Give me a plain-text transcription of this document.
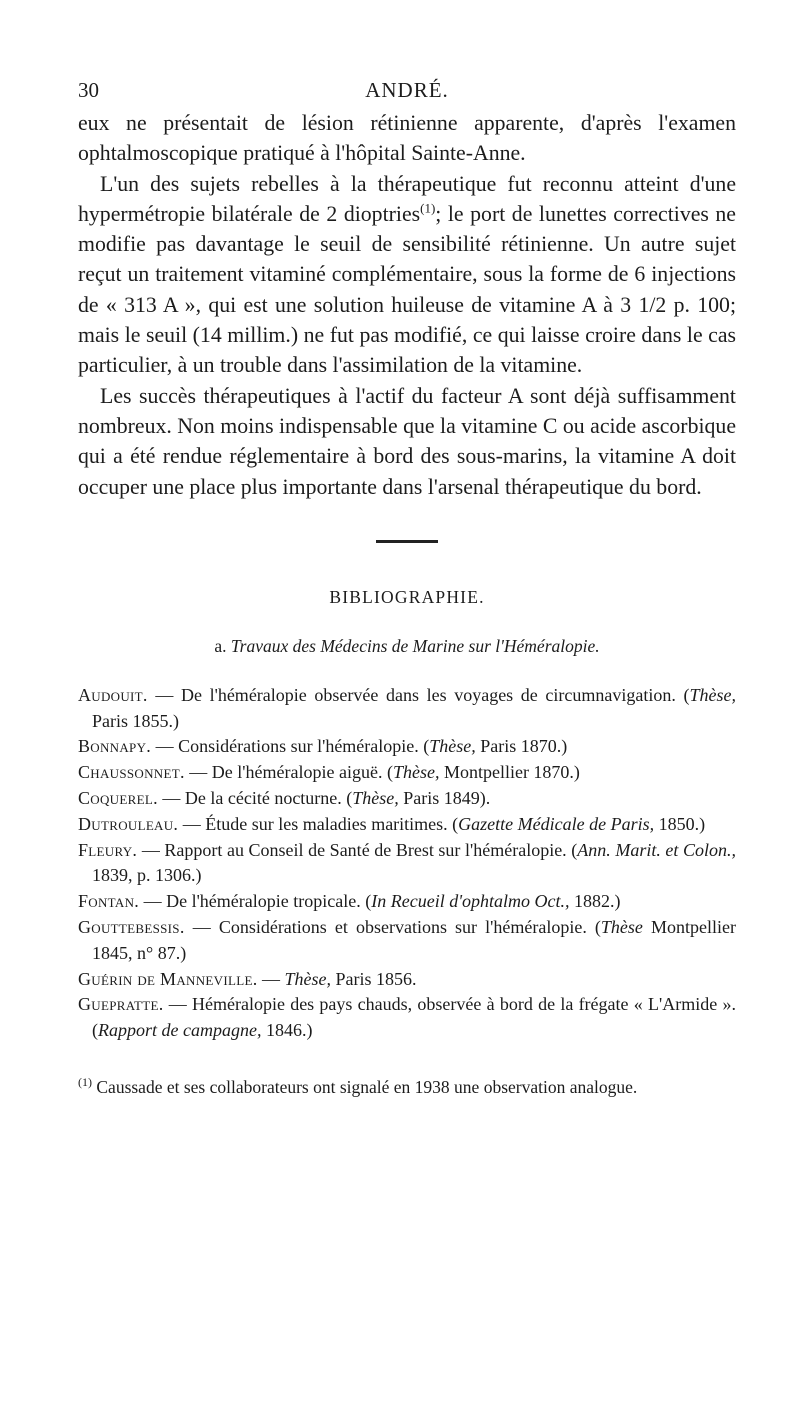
30	ANDRÉ.

eux ne présentait de lésion rétinienne apparente, d'après l'examen ophtalmoscopique pratiqué à l'hôpital Sainte-Anne.

L'un des sujets rebelles à la thérapeutique fut reconnu atteint d'une hypermétropie bilatérale de 2 dioptries$^{(1)}$; le port de lunettes correctives ne modifie pas davantage le seuil de sensibilité rétinienne. Un autre sujet reçut un traitement vitaminé complémentaire, sous la forme de 6 injections de « 313 A », qui est une solution huileuse de vitamine A à 3 1/2 p. 100; mais le seuil (14 millim.) ne fut pas modifié, ce qui laisse croire dans le cas particulier, à un trouble dans l'assimilation de la vitamine.

Les succès thérapeutiques à l'actif du facteur A sont déjà suffisamment nombreux. Non moins indispensable que la vitamine C ou acide ascorbique qui a été rendue réglementaire à bord des sous-marins, la vitamine A doit occuper une place plus importante dans l'arsenal thérapeutique du bord.

BIBLIOGRAPHIE.
a. Travaux des Médecins de Marine sur l'Héméralopie.
Audouit. — De l'héméralopie observée dans les voyages de circumnavigation. (Thèse, Paris 1855.)
Bonnapy. — Considérations sur l'héméralopie. (Thèse, Paris 1870.)
Chaussonnet. — De l'héméralopie aiguë. (Thèse, Montpellier 1870.)
Coquerel. — De la cécité nocturne. (Thèse, Paris 1849).
Dutrouleau. — Étude sur les maladies maritimes. (Gazette Médicale de Paris, 1850.)
Fleury. — Rapport au Conseil de Santé de Brest sur l'héméralopie. (Ann. Marit. et Colon., 1839, p. 1306.)
Fontan. — De l'héméralopie tropicale. (In Recueil d'ophtalmo Oct., 1882.)
Gouttebessis. — Considérations et observations sur l'héméralopie. (Thèse Montpellier 1845, n° 87.)
Guérin de Manneville. — Thèse, Paris 1856.
Guepratte. — Héméralopie des pays chauds, observée à bord de la frégate « L'Armide ». (Rapport de campagne, 1846.)
$^{(1)}$ Caussade et ses collaborateurs ont signalé en 1938 une observation analogue.
